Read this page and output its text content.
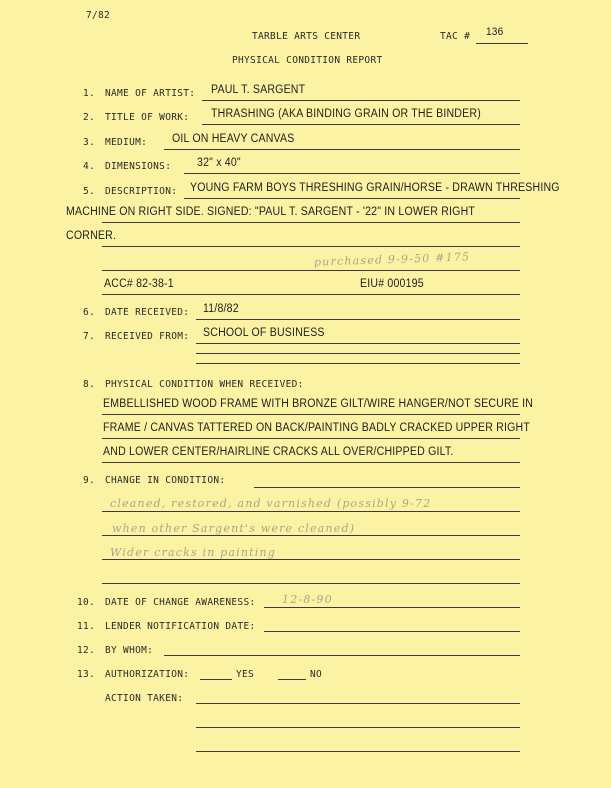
7/82
TARBLE ARTS CENTER	TAC # 136
PHYSICAL CONDITION REPORT
1. NAME OF ARTIST: PAUL T. SARGENT
2. TITLE OF WORK: THRASHING (AKA BINDING GRAIN OR THE BINDER)
3. MEDIUM: OIL ON HEAVY CANVAS
4. DIMENSIONS: 32" x 40"
5. DESCRIPTION: YOUNG FARM BOYS THRESHING GRAIN/HORSE - DRAWN THRESHING
MACHINE ON RIGHT SIDE. SIGNED: "PAUL T. SARGENT - '22" IN LOWER RIGHT
CORNER.
purchased 9-9-50 #175
ACC# 82-38-1	EIU# 000195
6. DATE RECEIVED: 11/8/82
7. RECEIVED FROM: SCHOOL OF BUSINESS
8. PHYSICAL CONDITION WHEN RECEIVED:
EMBELLISHED WOOD FRAME WITH BRONZE GILT/WIRE HANGER/NOT SECURE IN
FRAME / CANVAS TATTERED ON BACK/PAINTING BADLY CRACKED UPPER RIGHT
AND LOWER CENTER/HAIRLINE CRACKS ALL OVER/CHIPPED GILT.
9. CHANGE IN CONDITION:
cleaned, restored, and varnished (possibly 9-72
when other Sargent's were cleaned)
Wider cracks in painting
10. DATE OF CHANGE AWARENESS: 12-8-90
11. LENDER NOTIFICATION DATE:
12. BY WHOM:
13. AUTHORIZATION:	YES	NO
ACTION TAKEN:
